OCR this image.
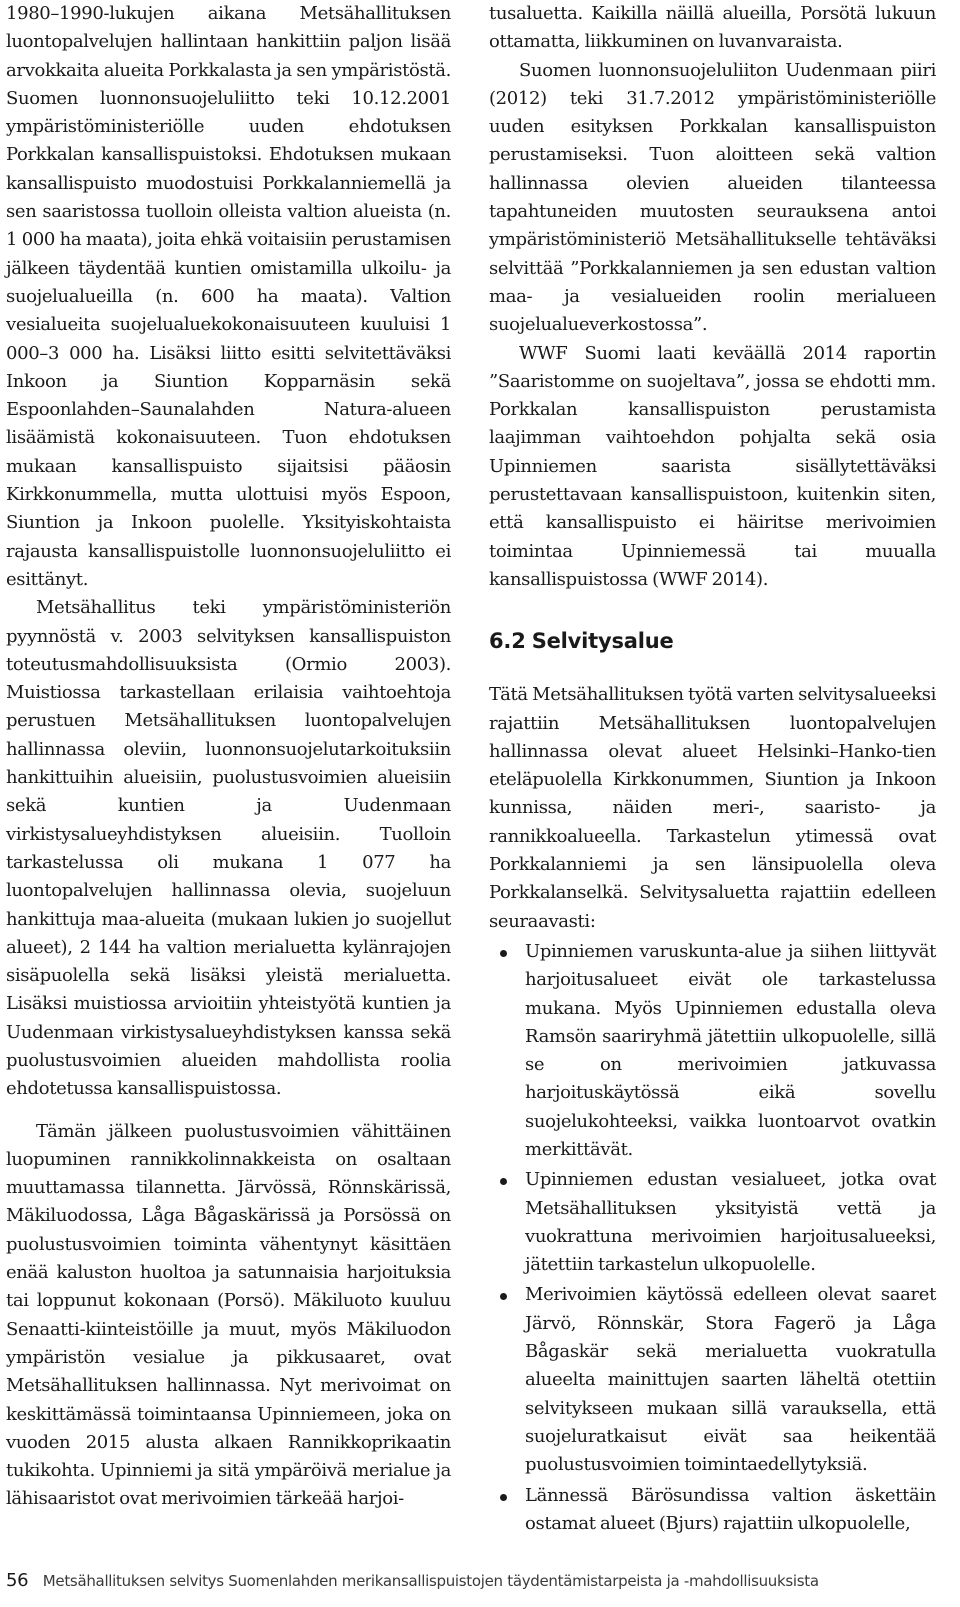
1980–1990-lukujen aikana Metsähallituksen luontopalvelujen hallintaan hankittiin paljon lisää arvokkaita alueita Porkkalasta ja sen ympäristöstä. Suomen luonnonsuojeluliitto teki 10.12.2001 ympäristöministeriölle uuden ehdotuksen Porkkalan kansallispuistoksi. Ehdotuksen mukaan kansallispuisto muodostuisi Porkkalanniemellä ja sen saaristossa tuolloin olleista valtion alueista (n. 1 000 ha maata), joita ehkä voitaisiin perustamisen jälkeen täydentää kuntien omistamilla ulkoilu- ja suojelualueilla (n. 600 ha maata). Valtion vesialueita suojelualuekokonaisuuteen kuuluisi 1 000–3 000 ha. Lisäksi liitto esitti selvitettäväksi Inkoon ja Siuntion Kopparnäsin sekä Espoonlahden–Saunalahden Natura-alueen lisäämistä kokonaisuuteen. Tuon ehdotuksen mukaan kansallispuisto sijaitsisi pääosin Kirkkonummella, mutta ulottuisi myös Espoon, Siuntion ja Inkoon puolelle. Yksityiskohtaista rajausta kansallispuistolle luonnonsuojeluliitto ei esittänyt.

Metsähallitus teki ympäristöministeriön pyynnöstä v. 2003 selvityksen kansallispuiston toteutusmahdollisuuksista (Ormio 2003). Muistiossa tarkastellaan erilaisia vaihtoehtoja perustuen Metsähallituksen luontopalvelujen hallinnassa oleviin, luonnonsuojelutarkoituksiin hankittuihin alueisiin, puolustusvoimien alueisiin sekä kuntien ja Uudenmaan virkistysalueyhdistyksen alueisiin. Tuolloin tarkastelussa oli mukana 1 077 ha luontopalvelujen hallinnassa olevia, suojeluun hankittuja maa-alueita (mukaan lukien jo suojellut alueet), 2 144 ha valtion merialuetta kylänrajojen sisäpuolella sekä lisäksi yleistä merialuetta. Lisäksi muistiossa arvioitiin yhteistyötä kuntien ja Uudenmaan virkistysalueyhdistyksen kanssa sekä puolustusvoimien alueiden mahdollista roolia ehdotetussa kansallispuistossa.

Tämän jälkeen puolustusvoimien vähittäinen luopuminen rannikkolinnakkeista on osaltaan muuttamassa tilannetta. Järvössä, Rönnskärissä, Mäkiluodossa, Låga Bågaskärissä ja Porsössä on puolustusvoimien toiminta vähentynyt käsittäen enää kaluston huoltoa ja satunnaisia harjoituksia tai loppunut kokonaan (Porsö). Mäkiluoto kuuluu Senaatti-kiinteistöille ja muut, myös Mäkiluodon ympäristön vesialue ja pikkusaaret, ovat Metsähallituksen hallinnassa. Nyt merivoimat on keskittämässä toimintaansa Upinniemeen, joka on vuoden 2015 alusta alkaen Rannikkoprikaatin tukikohta. Upinniemi ja sitä ympäröivä merialue ja lähisaaristot ovat merivoimien tärkeää harjoi-

tusaluetta. Kaikilla näillä alueilla, Porsötä lukuun ottamatta, liikkuminen on luvanvaraista.

Suomen luonnonsuojeluliiton Uudenmaan piiri (2012) teki 31.7.2012 ympäristöministeriölle uuden esityksen Porkkalan kansallispuiston perustamiseksi. Tuon aloitteen sekä valtion hallinnassa olevien alueiden tilanteessa tapahtuneiden muutosten seurauksena antoi ympäristöministeriö Metsähallitukselle tehtäväksi selvittää ”Porkkalanniemen ja sen edustan valtion maa- ja vesialueiden roolin merialueen suojelualueverkostossa”.

WWF Suomi laati keväällä 2014 raportin ”Saaristomme on suojeltava”, jossa se ehdotti mm. Porkkalan kansallispuiston perustamista laajimman vaihtoehdon pohjalta sekä osia Upinniemen saarista sisällytettäväksi perustettavaan kansallispuistoon, kuitenkin siten, että kansallispuisto ei häiritse merivoimien toimintaa Upinniemessä tai muualla kansallispuistossa (WWF 2014).

6.2 Selvitysalue

Tätä Metsähallituksen työtä varten selvitysalueeksi rajattiin Metsähallituksen luontopalvelujen hallinnassa olevat alueet Helsinki–Hanko-tien eteläpuolella Kirkkonummen, Siuntion ja Inkoon kunnissa, näiden meri-, saaristo- ja rannikkoalueella. Tarkastelun ytimessä ovat Porkkalanniemi ja sen länsipuolella oleva Porkkalanselkä. Selvitysaluetta rajattiin edelleen seuraavasti:

Upinniemen varuskunta-alue ja siihen liittyvät harjoitusalueet eivät ole tarkastelussa mukana. Myös Upinniemen edustalla oleva Ramsön saariryhmä jätettiin ulkopuolelle, sillä se on merivoimien jatkuvassa harjoituskäytössä eikä sovellu suojelukohteeksi, vaikka luontoarvot ovatkin merkittävät.
Upinniemen edustan vesialueet, jotka ovat Metsähallituksen yksityistä vettä ja vuokrattuna merivoimien harjoitusalueeksi, jätettiin tarkastelun ulkopuolelle.
Merivoimien käytössä edelleen olevat saaret Järvö, Rönnskär, Stora Fagerö ja Låga Bågaskär sekä merialuetta vuokratulla alueelta mainittujen saarten läheltä otettiin selvitykseen mukaan sillä varauksella, että suojeluratkaisut eivät saa heikentää puolustusvoimien toimintaedellytyksiä.
Lännessä Bärösundissa valtion äskettäin ostamat alueet (Bjurs) rajattiin ulkopuolelle,
56 Metsähallituksen selvitys Suomenlahden merikansallispuistojen täydentämistarpeista ja -mahdollisuuksista
